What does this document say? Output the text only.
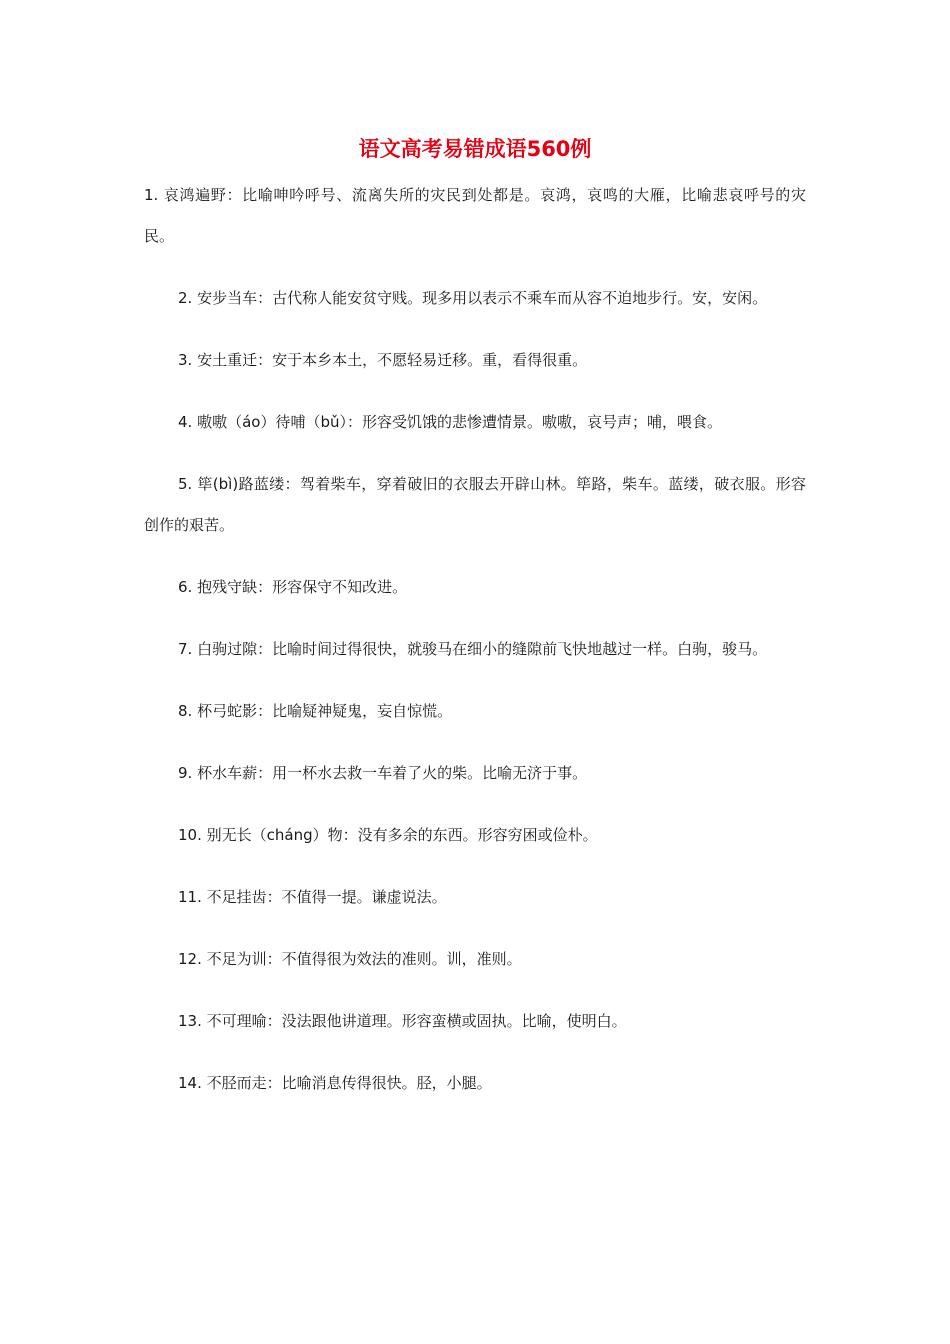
语文高考易错成语560例

1. 哀鸿遍野：比喻呻吟呼号、流离失所的灾民到处都是。哀鸿，哀鸣的大雁，比喻悲哀呼号的灾民。

2. 安步当车：古代称人能安贫守贱。现多用以表示不乘车而从容不迫地步行。安，安闲。

3. 安土重迁：安于本乡本土，不愿轻易迁移。重，看得很重。

4. 嗷嗷（áo）待哺（bǔ）：形容受饥饿的悲惨遭情景。嗷嗷，哀号声；哺，喂食。

5. 筚(bì)路蓝缕：驾着柴车，穿着破旧的衣服去开辟山林。筚路，柴车。蓝缕，破衣服。形容创作的艰苦。

6. 抱残守缺：形容保守不知改进。

7. 白驹过隙：比喻时间过得很快，就骏马在细小的缝隙前飞快地越过一样。白驹，骏马。

8. 杯弓蛇影：比喻疑神疑鬼，妄自惊慌。

9. 杯水车薪：用一杯水去救一车着了火的柴。比喻无济于事。

10. 别无长（cháng）物：没有多余的东西。形容穷困或俭朴。

11. 不足挂齿：不值得一提。谦虚说法。

12. 不足为训：不值得很为效法的准则。训，准则。

13. 不可理喻：没法跟他讲道理。形容蛮横或固执。比喻，使明白。

14. 不胫而走：比喻消息传得很快。胫，小腿。
